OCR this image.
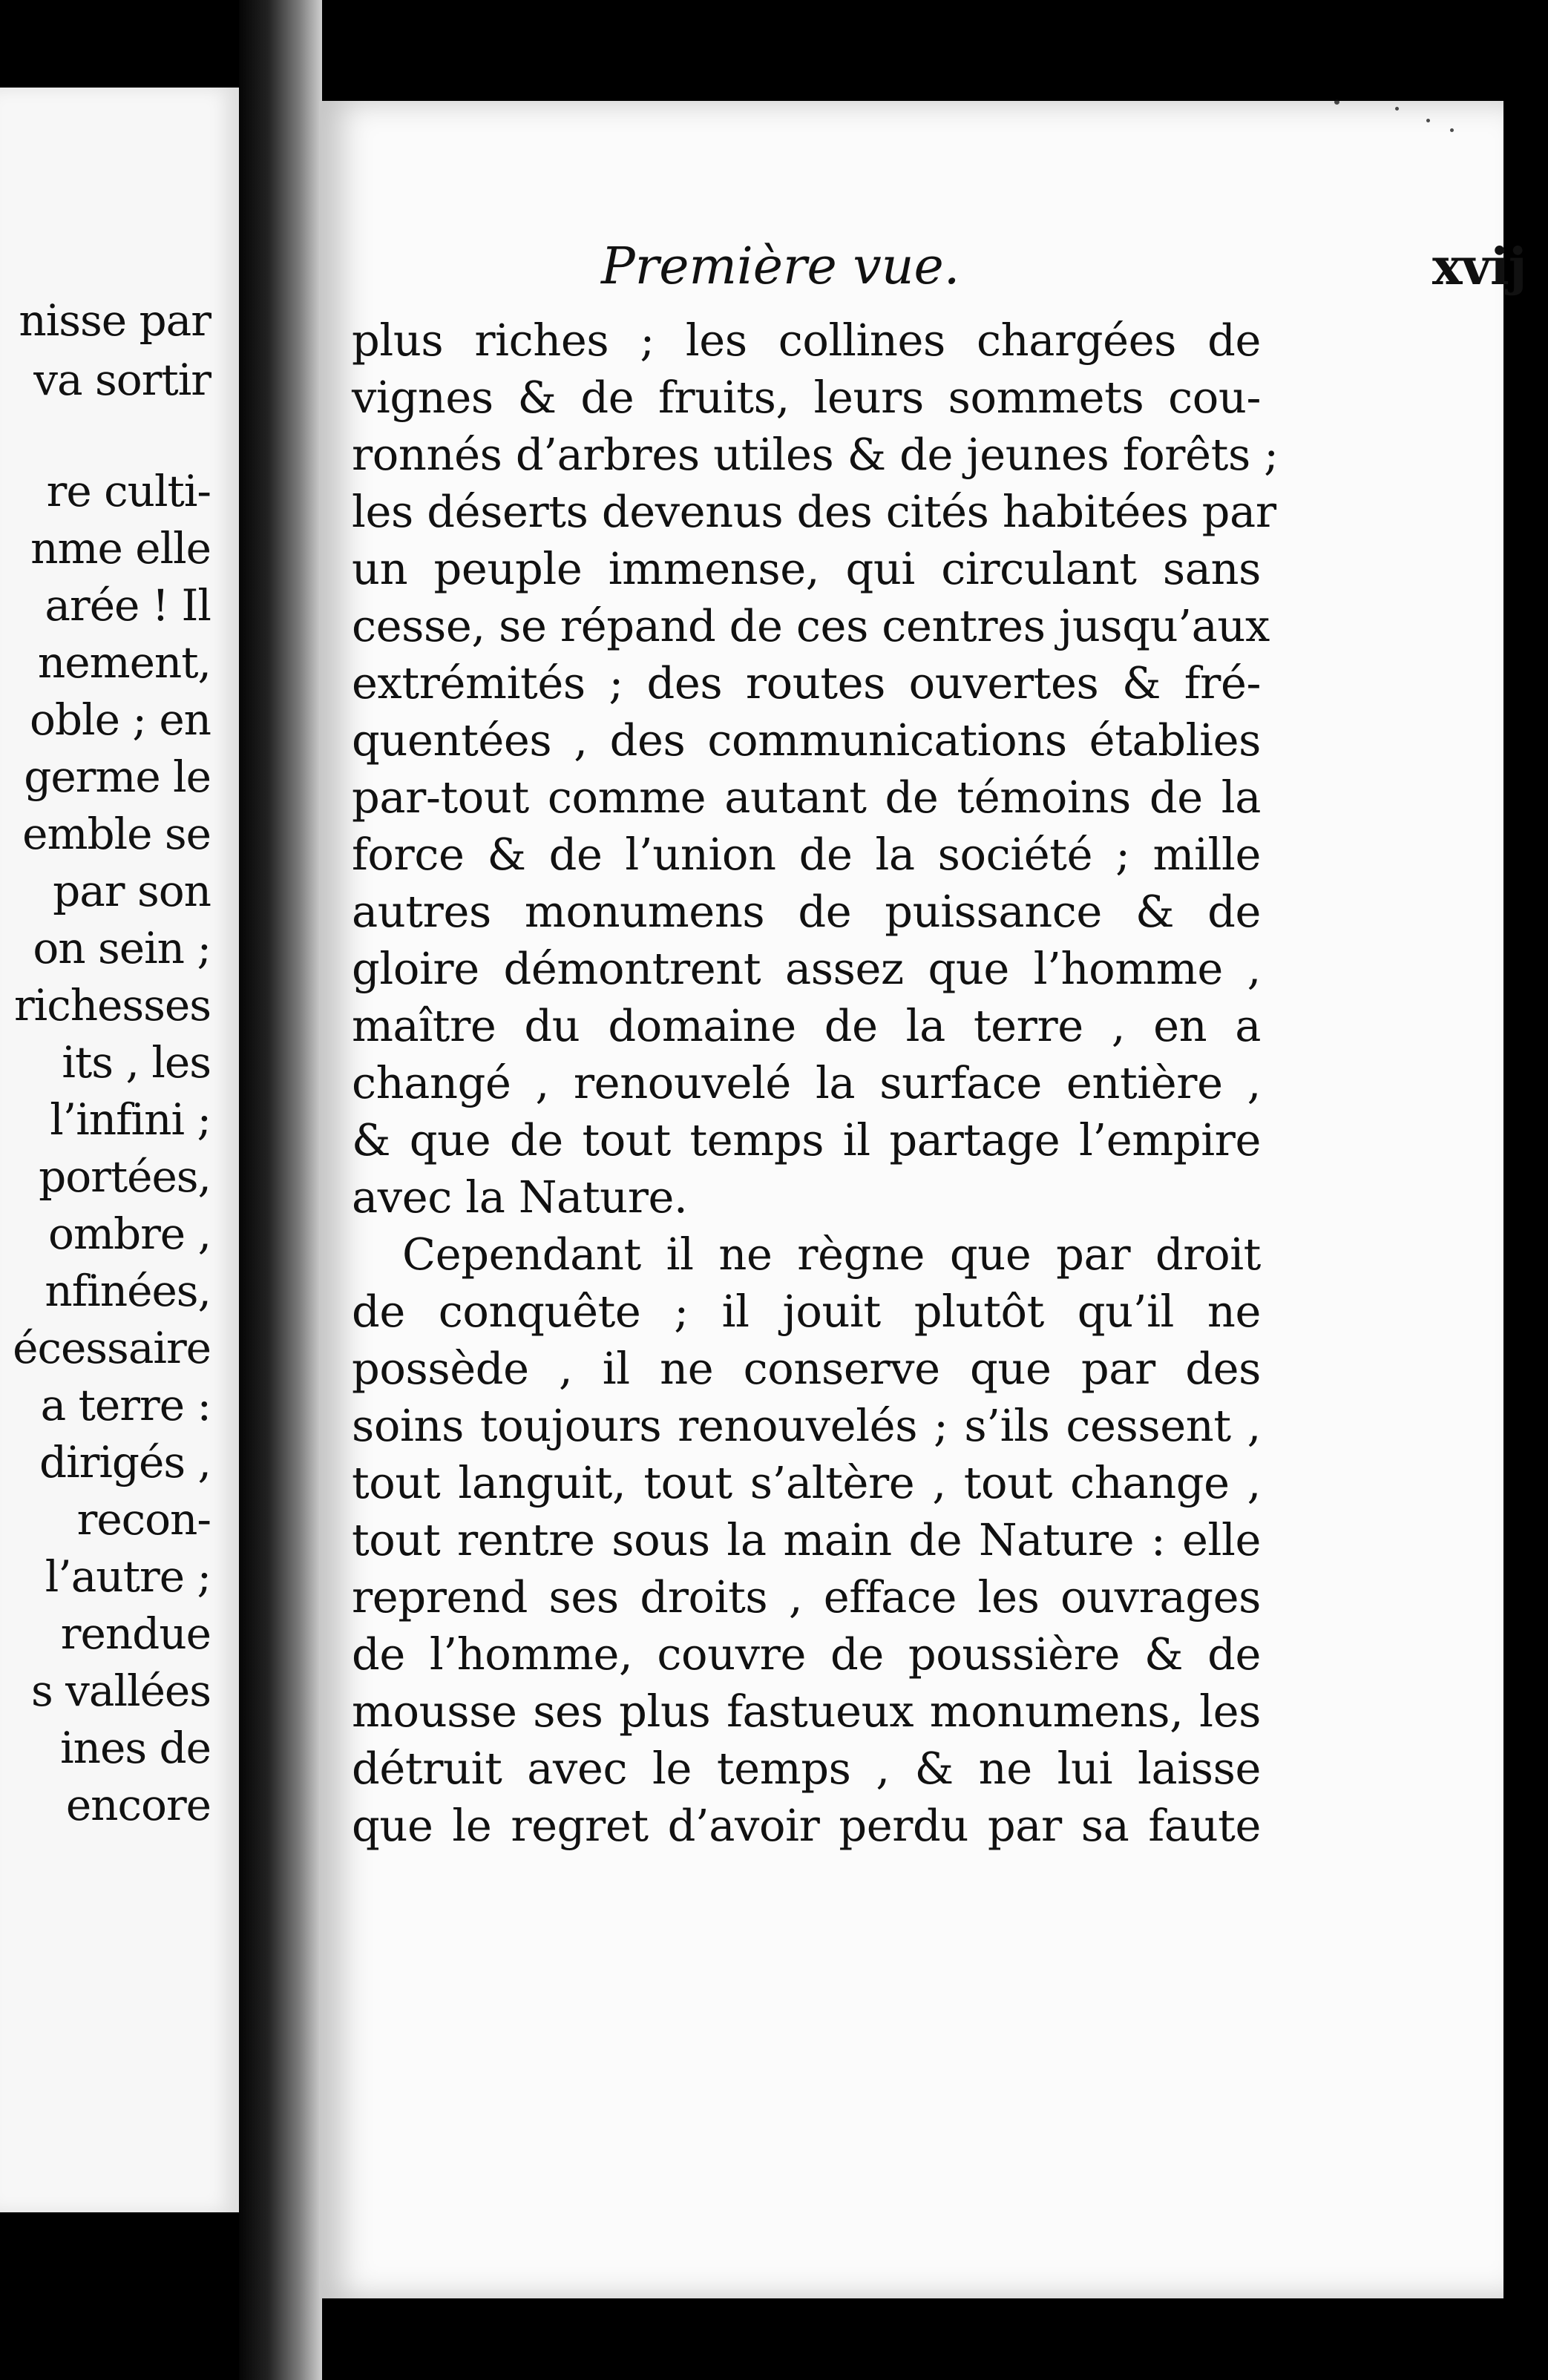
nisse par
va sortir
re culti-
nme elle
arée ! Il
nement,
oble ; en
germe le
emble se
par son
on sein ;
richesses
its , les
l’infini ;
portées,
ombre ,
nfinées,
écessaire
a terre :
dirigés ,
recon-
l’autre ;
rendue
s vallées
ines de
encore
Première vue.	xvij
plus riches ; les collines chargées de
vignes & de fruits, leurs sommets cou-
ronnés d’arbres utiles & de jeunes forêts ;
les déserts devenus des cités habitées par
un peuple immense, qui circulant sans
cesse, se répand de ces centres jusqu’aux
extrémités ; des routes ouvertes & fré-
quentées , des communications établies
par-tout comme autant de témoins de la
force & de l’union de la société ; mille
autres monumens de puissance & de
gloire démontrent assez que l’homme ,
maître du domaine de la terre , en a
changé , renouvelé la surface entière ,
& que de tout temps il partage l’empire
avec la Nature.
Cependant il ne règne que par droit
de conquête ; il jouit plutôt qu’il ne
possède , il ne conserve que par des
soins toujours renouvelés ; s’ils cessent ,
tout languit, tout s’altère , tout change ,
tout rentre sous la main de Nature : elle
reprend ses droits , efface les ouvrages
de l’homme, couvre de poussière & de
mousse ses plus fastueux monumens, les
détruit avec le temps , & ne lui laisse
que le regret d’avoir perdu par sa faute
